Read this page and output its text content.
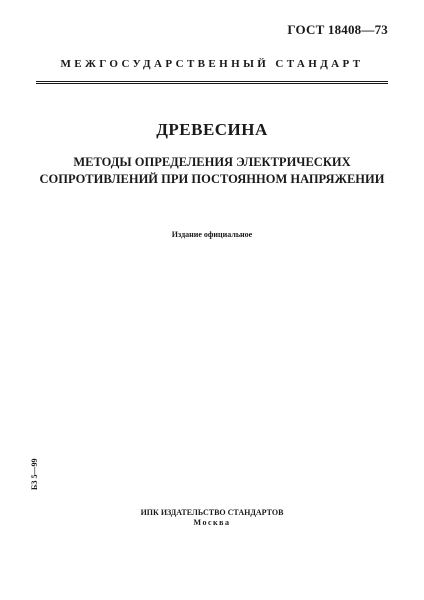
ГОСТ 18408—73
МЕЖГОСУДАРСТВЕННЫЙ СТАНДАРТ
ДРЕВЕСИНА
МЕТОДЫ ОПРЕДЕЛЕНИЯ ЭЛЕКТРИЧЕСКИХ
СОПРОТИВЛЕНИЙ ПРИ ПОСТОЯННОМ НАПРЯЖЕНИИ
Издание официальное
БЗ 5—99
ИПК ИЗДАТЕЛЬСТВО СТАНДАРТОВ
Москва
